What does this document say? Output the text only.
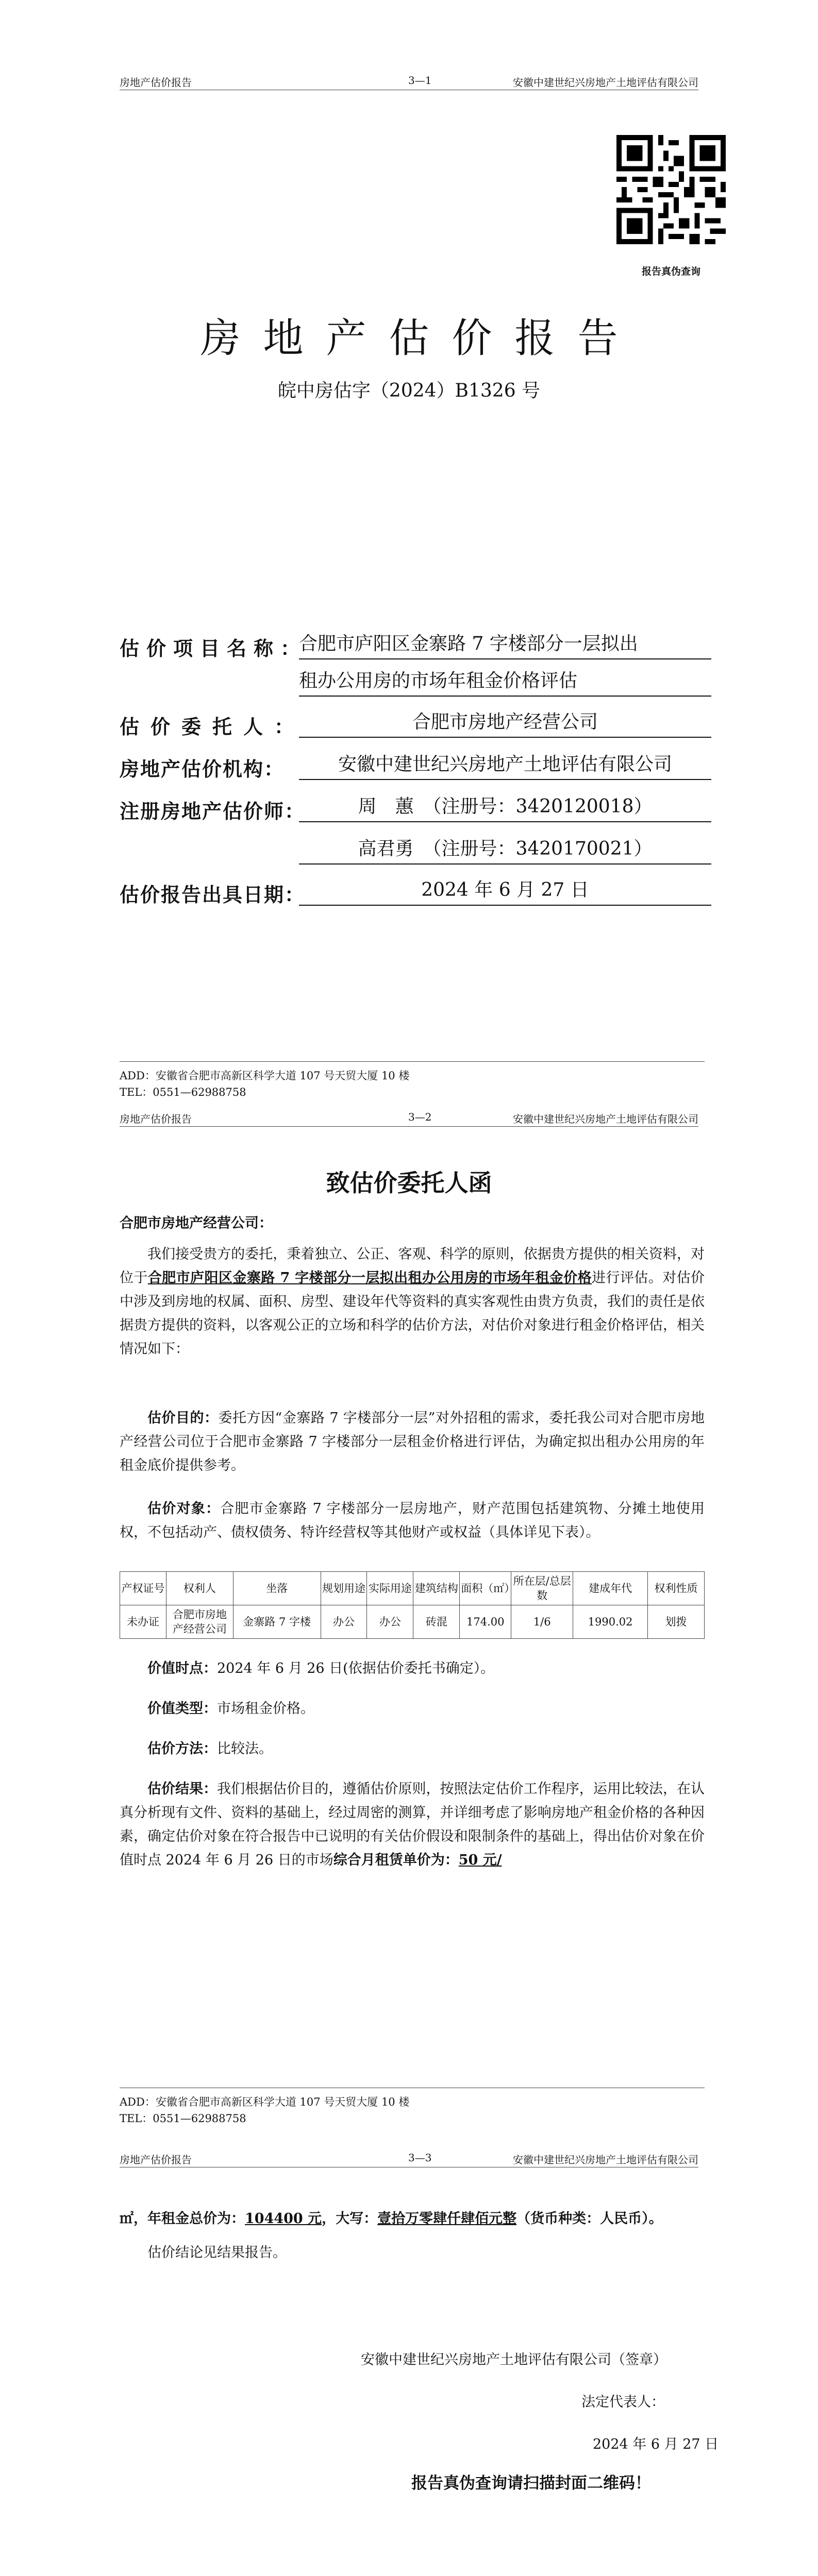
房地产估价报告	3—1	安徽中建世纪兴房地产土地评估有限公司
报告真伪查询
房地产估价报告
皖中房估字（2024）B1326 号
估价项目名称：
合肥市庐阳区金寨路 7 字楼部分一层拟出
租办公用房的市场年租金价格评估
估价委托人：	合肥市房地产经营公司
房地产估价机构：	安徽中建世纪兴房地产土地评估有限公司
注册房地产估价师：	周　蕙　（注册号：3420120018）
高君勇　（注册号：3420170021）
估价报告出具日期：	2024 年 6 月 27 日
ADD：安徽省合肥市高新区科学大道 107 号天贸大厦 10 楼
TEL：0551—62988758
房地产估价报告	3—2	安徽中建世纪兴房地产土地评估有限公司
致估价委托人函
合肥市房地产经营公司：
我们接受贵方的委托，秉着独立、公正、客观、科学的原则，依据贵方提供的相关资料，对位于合肥市庐阳区金寨路 7 字楼部分一层拟出租办公用房的市场年租金价格进行评估。对估价中涉及到房地的权属、面积、房型、建设年代等资料的真实客观性由贵方负责，我们的责任是依据贵方提供的资料，以客观公正的立场和科学的估价方法，对估价对象进行租金价格评估，相关情况如下：
估价目的：委托方因“金寨路 7 字楼部分一层”对外招租的需求，委托我公司对合肥市房地产经营公司位于合肥市金寨路 7 字楼部分一层租金价格进行评估，为确定拟出租办公用房的年租金底价提供参考。
估价对象：合肥市金寨路 7 字楼部分一层房地产，财产范围包括建筑物、分摊土地使用权，不包括动产、债权债务、特许经营权等其他财产或权益（具体详见下表）。
产权证号	权利人	坐落	规划用途	实际用途	建筑结构	面积（㎡）	所在层/总层数	建成年代	权利性质
未办证	合肥市房地产经营公司	金寨路 7 字楼	办公	办公	砖混	174.00	1/6	1990.02	划拨
价值时点：2024 年 6 月 26 日(依据估价委托书确定）。
价值类型：市场租金价格。
估价方法：比较法。
估价结果：我们根据估价目的，遵循估价原则，按照法定估价工作程序，运用比较法，在认真分析现有文件、资料的基础上，经过周密的测算，并详细考虑了影响房地产租金价格的各种因素，确定估价对象在符合报告中已说明的有关估价假设和限制条件的基础上，得出估价对象在价值时点 2024 年 6 月 26 日的市场综合月租赁单价为：50 元/
ADD：安徽省合肥市高新区科学大道 107 号天贸大厦 10 楼
TEL：0551—62988758
房地产估价报告	3—3	安徽中建世纪兴房地产土地评估有限公司
㎡，年租金总价为：104400 元，大写：壹拾万零肆仟肆佰元整（货币种类：人民币）。
估价结论见结果报告。
安徽中建世纪兴房地产土地评估有限公司（签章）
法定代表人：
2024 年 6 月 27 日
报告真伪查询请扫描封面二维码！
